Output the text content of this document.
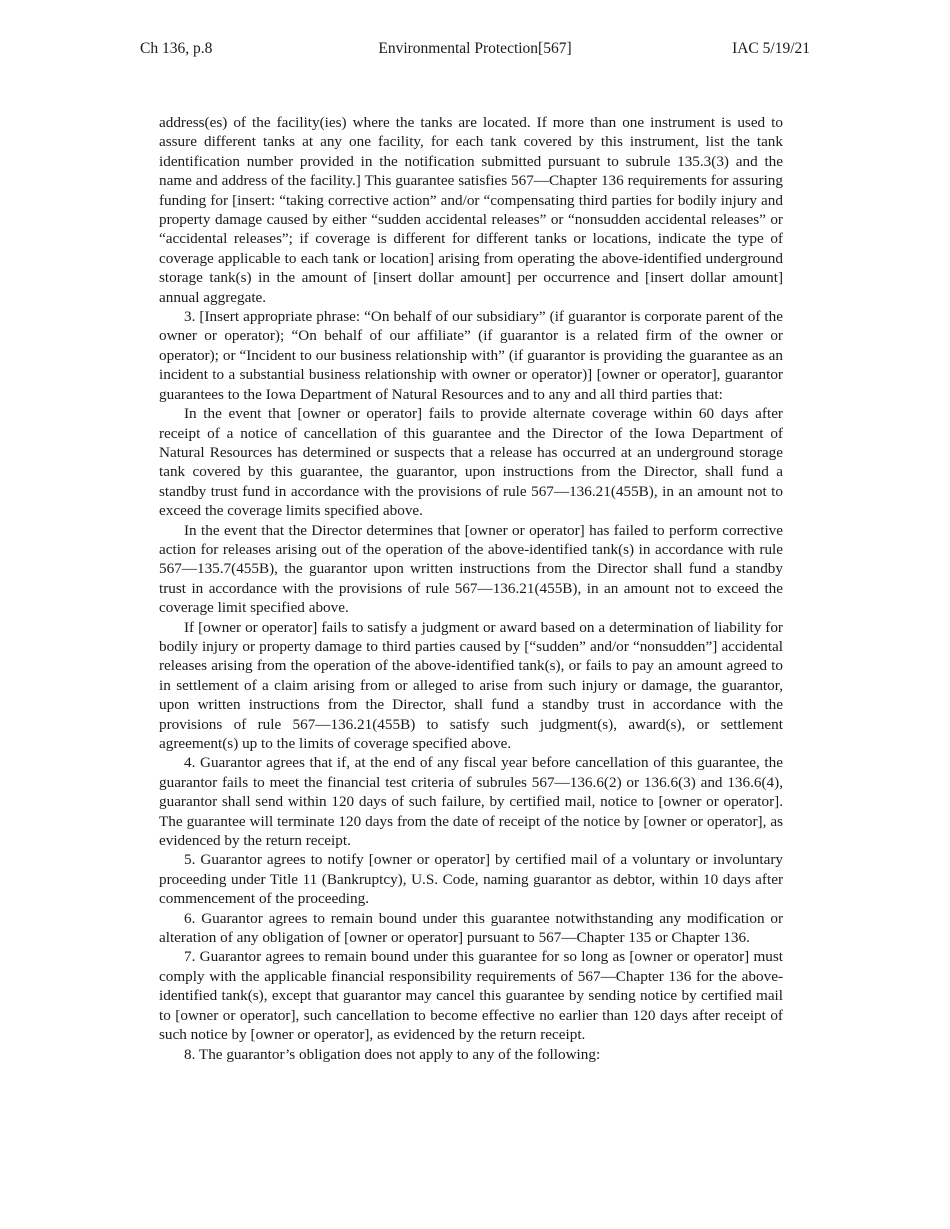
Ch 136, p.8	Environmental Protection[567]	IAC 5/19/21

address(es) of the facility(ies) where the tanks are located. If more than one instrument is used to assure different tanks at any one facility, for each tank covered by this instrument, list the tank identification number provided in the notification submitted pursuant to subrule 135.3(3) and the name and address of the facility.] This guarantee satisfies 567—Chapter 136 requirements for assuring funding for [insert: “taking corrective action” and/or “compensating third parties for bodily injury and property damage caused by either “sudden accidental releases” or “nonsudden accidental releases” or “accidental releases”; if coverage is different for different tanks or locations, indicate the type of coverage applicable to each tank or location] arising from operating the above-identified underground storage tank(s) in the amount of [insert dollar amount] per occurrence and [insert dollar amount] annual aggregate.

3. [Insert appropriate phrase: “On behalf of our subsidiary” (if guarantor is corporate parent of the owner or operator); “On behalf of our affiliate” (if guarantor is a related firm of the owner or operator); or “Incident to our business relationship with” (if guarantor is providing the guarantee as an incident to a substantial business relationship with owner or operator)] [owner or operator], guarantor guarantees to the Iowa Department of Natural Resources and to any and all third parties that:

In the event that [owner or operator] fails to provide alternate coverage within 60 days after receipt of a notice of cancellation of this guarantee and the Director of the Iowa Department of Natural Resources has determined or suspects that a release has occurred at an underground storage tank covered by this guarantee, the guarantor, upon instructions from the Director, shall fund a standby trust fund in accordance with the provisions of rule 567—136.21(455B), in an amount not to exceed the coverage limits specified above.

In the event that the Director determines that [owner or operator] has failed to perform corrective action for releases arising out of the operation of the above-identified tank(s) in accordance with rule 567—135.7(455B), the guarantor upon written instructions from the Director shall fund a standby trust in accordance with the provisions of rule 567—136.21(455B), in an amount not to exceed the coverage limit specified above.

If [owner or operator] fails to satisfy a judgment or award based on a determination of liability for bodily injury or property damage to third parties caused by [“sudden” and/or “nonsudden”] accidental releases arising from the operation of the above-identified tank(s), or fails to pay an amount agreed to in settlement of a claim arising from or alleged to arise from such injury or damage, the guarantor, upon written instructions from the Director, shall fund a standby trust in accordance with the provisions of rule 567—136.21(455B) to satisfy such judgment(s), award(s), or settlement agreement(s) up to the limits of coverage specified above.

4. Guarantor agrees that if, at the end of any fiscal year before cancellation of this guarantee, the guarantor fails to meet the financial test criteria of subrules 567—136.6(2) or 136.6(3) and 136.6(4), guarantor shall send within 120 days of such failure, by certified mail, notice to [owner or operator]. The guarantee will terminate 120 days from the date of receipt of the notice by [owner or operator], as evidenced by the return receipt.

5. Guarantor agrees to notify [owner or operator] by certified mail of a voluntary or involuntary proceeding under Title 11 (Bankruptcy), U.S. Code, naming guarantor as debtor, within 10 days after commencement of the proceeding.

6. Guarantor agrees to remain bound under this guarantee notwithstanding any modification or alteration of any obligation of [owner or operator] pursuant to 567—Chapter 135 or Chapter 136.

7. Guarantor agrees to remain bound under this guarantee for so long as [owner or operator] must comply with the applicable financial responsibility requirements of 567—Chapter 136 for the above-identified tank(s), except that guarantor may cancel this guarantee by sending notice by certified mail to [owner or operator], such cancellation to become effective no earlier than 120 days after receipt of such notice by [owner or operator], as evidenced by the return receipt.

8. The guarantor’s obligation does not apply to any of the following:
